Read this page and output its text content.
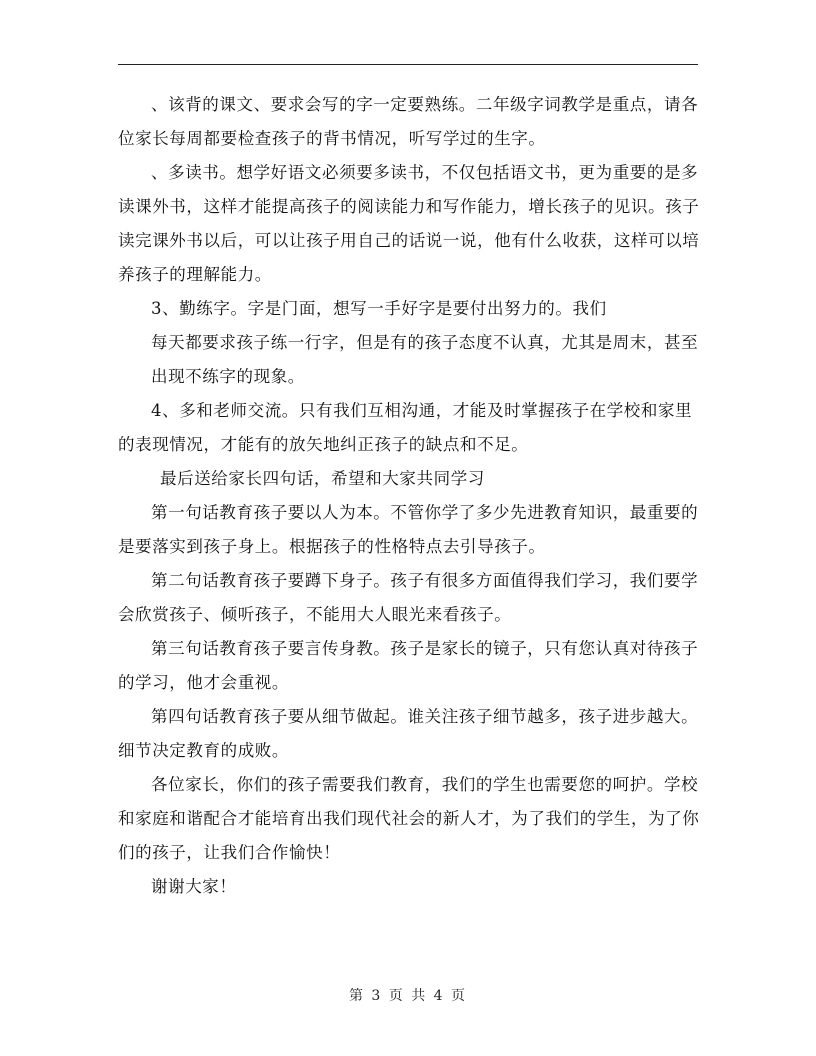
、该背的课文、要求会写的字一定要熟练。二年级字词教学是重点，请各位家长每周都要检查孩子的背书情况，听写学过的生字。

、多读书。想学好语文必须要多读书，不仅包括语文书，更为重要的是多读课外书，这样才能提高孩子的阅读能力和写作能力，增长孩子的见识。孩子读完课外书以后，可以让孩子用自己的话说一说，他有什么收获，这样可以培养孩子的理解能力。

3、勤练字。字是门面，想写一手好字是要付出努力的。我们

每天都要求孩子练一行字，但是有的孩子态度不认真，尤其是周末，甚至出现不练字的现象。

4、多和老师交流。只有我们互相沟通，才能及时掌握孩子在学校和家里的表现情况，才能有的放矢地纠正孩子的缺点和不足。

最后送给家长四句话，希望和大家共同学习

第一句话教育孩子要以人为本。不管你学了多少先进教育知识，最重要的是要落实到孩子身上。根据孩子的性格特点去引导孩子。

第二句话教育孩子要蹲下身子。孩子有很多方面值得我们学习，我们要学会欣赏孩子、倾听孩子，不能用大人眼光来看孩子。

第三句话教育孩子要言传身教。孩子是家长的镜子，只有您认真对待孩子的学习，他才会重视。

第四句话教育孩子要从细节做起。谁关注孩子细节越多，孩子进步越大。细节决定教育的成败。

各位家长，你们的孩子需要我们教育，我们的学生也需要您的呵护。学校和家庭和谐配合才能培育出我们现代社会的新人才，为了我们的学生，为了你们的孩子，让我们合作愉快！

谢谢大家！

第 3 页 共 4 页
